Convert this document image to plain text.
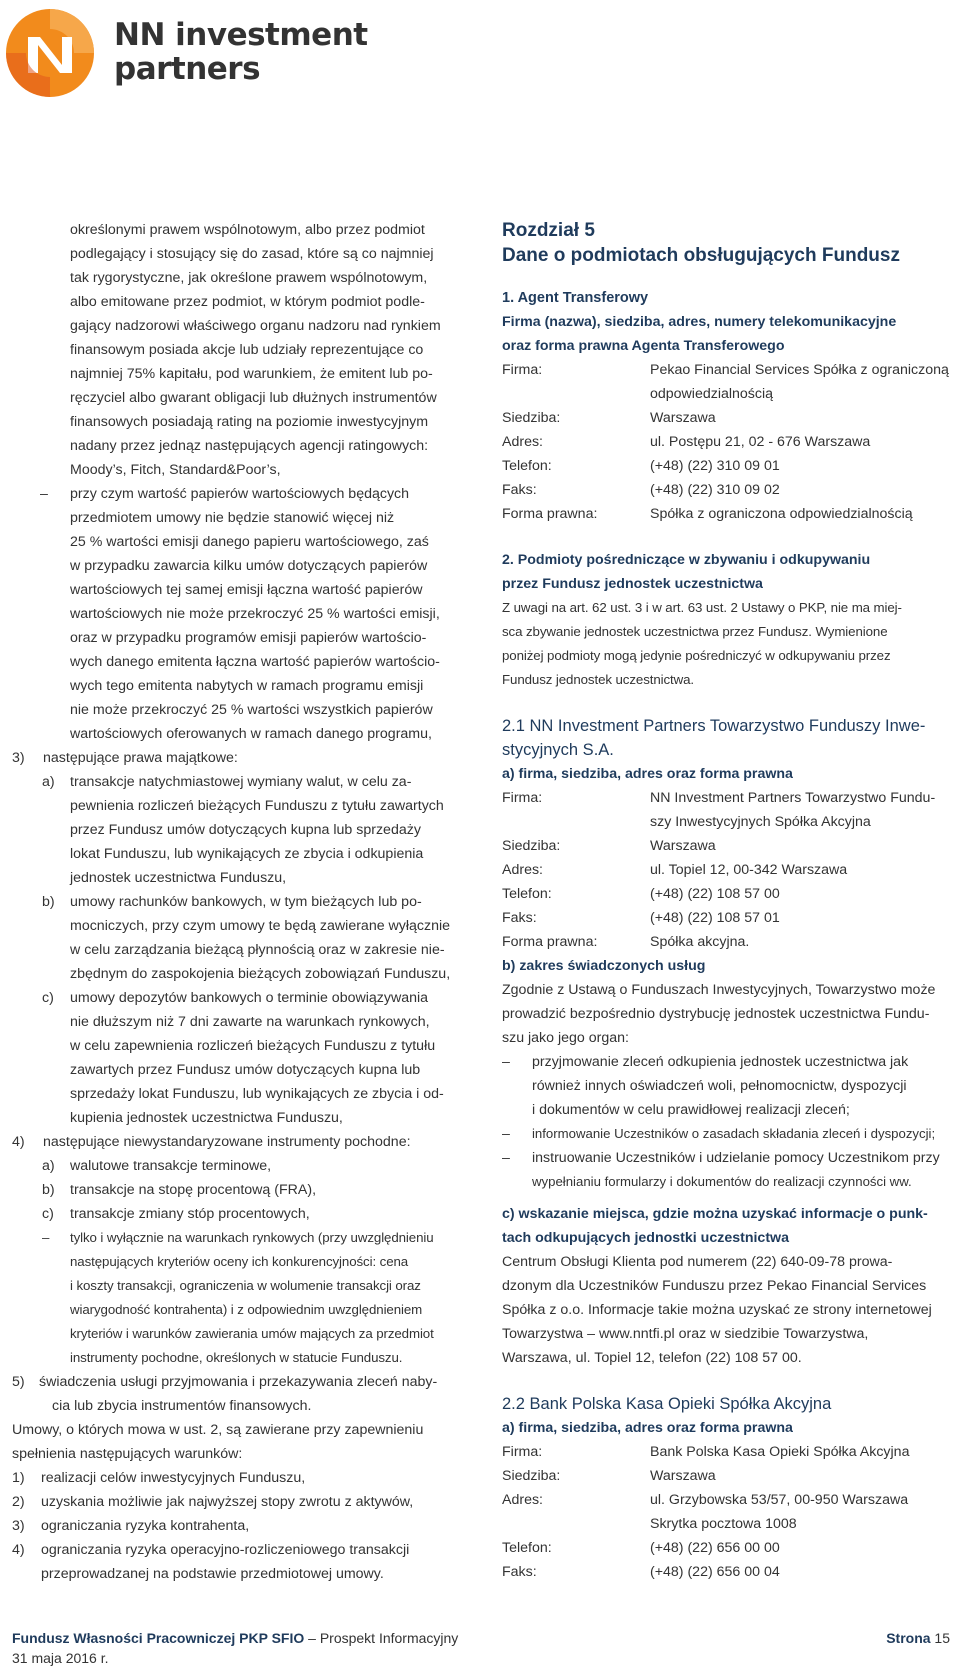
NN investment
partners
określonymi prawem wspólnotowym, albo przez podmiot
podlegający i stosujący się do zasad, które są co najmniej
tak rygorystyczne, jak określone prawem wspólnotowym,
albo emitowane przez podmiot, w którym podmiot podle-
gający nadzorowi właściwego organu nadzoru nad rynkiem
finansowym posiada akcje lub udziały reprezentujące co
najmniej 75% kapitału, pod warunkiem, że emitent lub po-
ręczyciel albo gwarant obligacji lub dłużnych instrumentów
finansowych posiadają rating na poziomie inwestycyjnym
nadany przez jednąz następujących agencji ratingowych:
Moody’s, Fitch, Standard&Poor’s,
– przy czym wartość papierów wartościowych będących
przedmiotem umowy nie będzie stanowić więcej niż
25 % wartości emisji danego papieru wartościowego, zaś
w przypadku zawarcia kilku umów dotyczących papierów
wartościowych tej samej emisji łączna wartość papierów
wartościowych nie może przekroczyć 25 % wartości emisji,
oraz w przypadku programów emisji papierów wartościo-
wych danego emitenta łączna wartość papierów wartościo-
wych tego emitenta nabytych w ramach programu emisji
nie może przekroczyć 25 % wartości wszystkich papierów
wartościowych oferowanych w ramach danego programu,
3) następujące prawa majątkowe:
a) transakcje natychmiastowej wymiany walut, w celu za-
pewnienia rozliczeń bieżących Funduszu z tytułu zawartych
przez Fundusz umów dotyczących kupna lub sprzedaży
lokat Funduszu, lub wynikających ze zbycia i odkupienia
jednostek uczestnictwa Funduszu,
b) umowy rachunków bankowych, w tym bieżących lub po-
mocniczych, przy czym umowy te będą zawierane wyłącznie
w celu zarządzania bieżącą płynnością oraz w zakresie nie-
zbędnym do zaspokojenia bieżących zobowiązań Funduszu,
c) umowy depozytów bankowych o terminie obowiązywania
nie dłuższym niż 7 dni zawarte na warunkach rynkowych,
w celu zapewnienia rozliczeń bieżących Funduszu z tytułu
zawartych przez Fundusz umów dotyczących kupna lub
sprzedaży lokat Funduszu, lub wynikających ze zbycia i od-
kupienia jednostek uczestnictwa Funduszu,
4) następujące niewystandaryzowane instrumenty pochodne:
a) walutowe transakcje terminowe,
b) transakcje na stopę procentową (FRA),
c) transakcje zmiany stóp procentowych,
– tylko i wyłącznie na warunkach rynkowych (przy uwzględnieniu
następujących kryteriów oceny ich konkurencyjności: cena
i koszty transakcji, ograniczenia w wolumenie transakcji oraz
wiarygodność kontrahenta) i z odpowiednim uwzględnieniem
kryteriów i warunków zawierania umów mających za przedmiot
instrumenty pochodne, określonych w statucie Funduszu.
5) świadczenia usługi przyjmowania i przekazywania zleceń naby-
cia lub zbycia instrumentów finansowych.
Umowy, o których mowa w ust. 2, są zawierane przy zapewnieniu
spełnienia następujących warunków:
1) realizacji celów inwestycyjnych Funduszu,
2) uzyskania możliwie jak najwyższej stopy zwrotu z aktywów,
3) ograniczania ryzyka kontrahenta,
4) ograniczania ryzyka operacyjno-rozliczeniowego transakcji
przeprowadzanej na podstawie przedmiotowej umowy.
Rozdział 5
Dane o podmiotach obsługujących Fundusz
1. Agent Transferowy
Firma (nazwa), siedziba, adres, numery telekomunikacyjne
oraz forma prawna Agenta Transferowego
Firma:	Pekao Financial Services Spółka z ograniczoną
odpowiedzialnością
Siedziba:	Warszawa
Adres:	ul. Postępu 21, 02 - 676 Warszawa
Telefon:	(+48) (22) 310 09 01
Faks:	(+48) (22) 310 09 02
Forma prawna:	Spółka z ograniczona odpowiedzialnością
2. Podmioty pośredniczące w zbywaniu i odkupywaniu
przez Fundusz jednostek uczestnictwa
Z uwagi na art. 62 ust. 3 i w art. 63 ust. 2 Ustawy o PKP, nie ma miej-
sca zbywanie jednostek uczestnictwa przez Fundusz. Wymienione
poniżej podmioty mogą jedynie pośredniczyć w odkupywaniu przez
Fundusz jednostek uczestnictwa.
2.1 NN Investment Partners Towarzystwo Funduszy Inwe-
stycyjnych S.A.
a) firma, siedziba, adres oraz forma prawna
Firma:	NN Investment Partners Towarzystwo Fundu-
szy Inwestycyjnych Spółka Akcyjna
Siedziba:	Warszawa
Adres:	ul. Topiel 12, 00-342 Warszawa
Telefon:	(+48) (22) 108 57 00
Faks:	(+48) (22) 108 57 01
Forma prawna:	Spółka akcyjna.
b) zakres świadczonych usług
Zgodnie z Ustawą o Funduszach Inwestycyjnych, Towarzystwo może
prowadzić bezpośrednio dystrybucję jednostek uczestnictwa Fundu-
szu jako jego organ:
– przyjmowanie zleceń odkupienia jednostek uczestnictwa jak
również innych oświadczeń woli, pełnomocnictw, dyspozycji
i dokumentów w celu prawidłowej realizacji zleceń;
– informowanie Uczestników o zasadach składania zleceń i dyspozycji;
– instruowanie Uczestników i udzielanie pomocy Uczestnikom przy
wypełnianiu formularzy i dokumentów do realizacji czynności ww.
c) wskazanie miejsca, gdzie można uzyskać informacje o punk-
tach odkupujących jednostki uczestnictwa
Centrum Obsługi Klienta pod numerem (22) 640-09-78 prowa-
dzonym dla Uczestników Funduszu przez Pekao Financial Services
Spółka z o.o. Informacje takie można uzyskać ze strony internetowej
Towarzystwa – www.nntfi.pl oraz w siedzibie Towarzystwa,
Warszawa, ul. Topiel 12, telefon (22) 108 57 00.
2.2 Bank Polska Kasa Opieki Spółka Akcyjna
a) firma, siedziba, adres oraz forma prawna
Firma:	Bank Polska Kasa Opieki Spółka Akcyjna
Siedziba:	Warszawa
Adres:	ul. Grzybowska 53/57, 00-950 Warszawa
Skrytka pocztowa 1008
Telefon:	(+48) (22) 656 00 00
Faks:	(+48) (22) 656 00 04
Fundusz Własności Pracowniczej PKP SFIO – Prospekt Informacyjny
31 maja 2016 r.
Strona 15
